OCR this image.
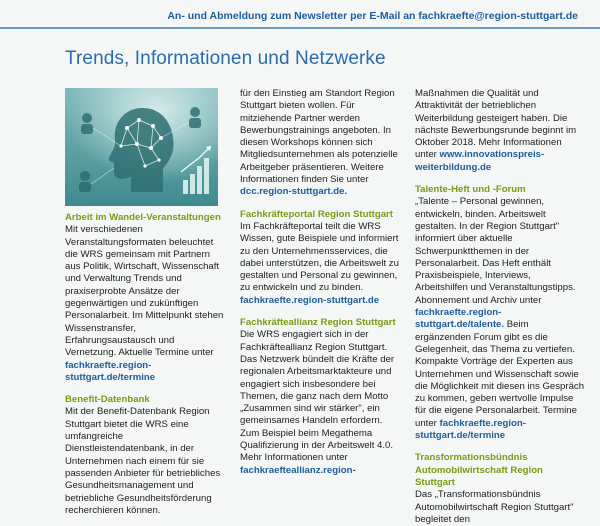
An- und Abmeldung zum Newsletter per E-Mail an fachkraefte@region-stuttgart.de
Trends, Informationen und Netzwerke
Arbeit im Wandel-Veranstaltungen

Mit verschiedenen Veranstaltungsformaten beleuchtet die WRS gemeinsam mit Partnern aus Politik, Wirtschaft, Wissenschaft und Verwaltung Trends und praxiserprobte Ansätze der gegenwärtigen und zukünftigen Personalarbeit. Im Mittelpunkt stehen Wissenstransfer, Erfahrungsaustausch und Vernetzung. Aktuelle Termine unter fachkraefte.region-stuttgart.de/termine

Benefit-Datenbank

Mit der Benefit-Datenbank Region Stuttgart bietet die WRS eine umfangreiche Dienstleistendatenbank, in der Unternehmen nach einem für sie passenden Anbieter für betriebliches Gesundheitsmanagement und betriebliche Gesundheitsförderung recherchieren können.

für den Einstieg am Standort Region Stuttgart bieten wollen. Für mitziehende Partner werden Bewerbungstrainings angeboten. In diesen Workshops können sich Mitgliedsunternehmen als potenzielle Arbeitgeber präsentieren. Weitere Informationen finden Sie unter dcc.region-stuttgart.de.

Fachkräfteportal Region Stuttgart

Im Fachkräfteportal teilt die WRS Wissen, gute Beispiele und informiert zu den Unternehmensservices, die dabei unterstützen, die Arbeitswelt zu gestalten und Personal zu gewinnen, zu entwickeln und zu binden. fachkraefte.region-stuttgart.de

Fachkräfteallianz Region Stuttgart

Die WRS engagiert sich in der Fachkräfteallianz Region Stuttgart. Das Netzwerk bündelt die Kräfte der regionalen Arbeitsmarktakteure und engagiert sich insbesondere bei Themen, die ganz nach dem Motto „Zusammen sind wir stärker", ein gemeinsames Handeln erfordern. Zum Beispiel beim Megathema Qualifizierung in der Arbeitswelt 4.0. Mehr Informationen unter fachkraefteallianz.region-

Maßnahmen die Qualität und Attraktivität der betrieblichen Weiterbildung gesteigert haben. Die nächste Bewerbungsrunde beginnt im Oktober 2018. Mehr Informationen unter www.innovationspreis-weiterbildung.de

Talente-Heft und -Forum

„Talente – Personal gewinnen, entwickeln, binden. Arbeitswelt gestalten. In der Region Stuttgart" informiert über aktuelle Schwerpunktthemen in der Personalarbeit. Das Heft enthält Praxisbeispiele, Interviews, Arbeitshilfen und Veranstaltungstipps. Abonnement und Archiv unter fachkraefte.region-stuttgart.de/talente. Beim ergänzenden Forum gibt es die Gelegenheit, das Thema zu vertiefen. Kompakte Vorträge der Experten aus Unternehmen und Wissenschaft sowie die Möglichkeit mit diesen ins Gespräch zu kommen, geben wertvolle Impulse für die eigene Personalarbeit. Termine unter fachkraefte.region-stuttgart.de/termine

Transformationsbündnis Automobilwirtschaft Region Stuttgart

Das „Transformationsbündnis Automobilwirtschaft Region Stuttgart" begleitet den
